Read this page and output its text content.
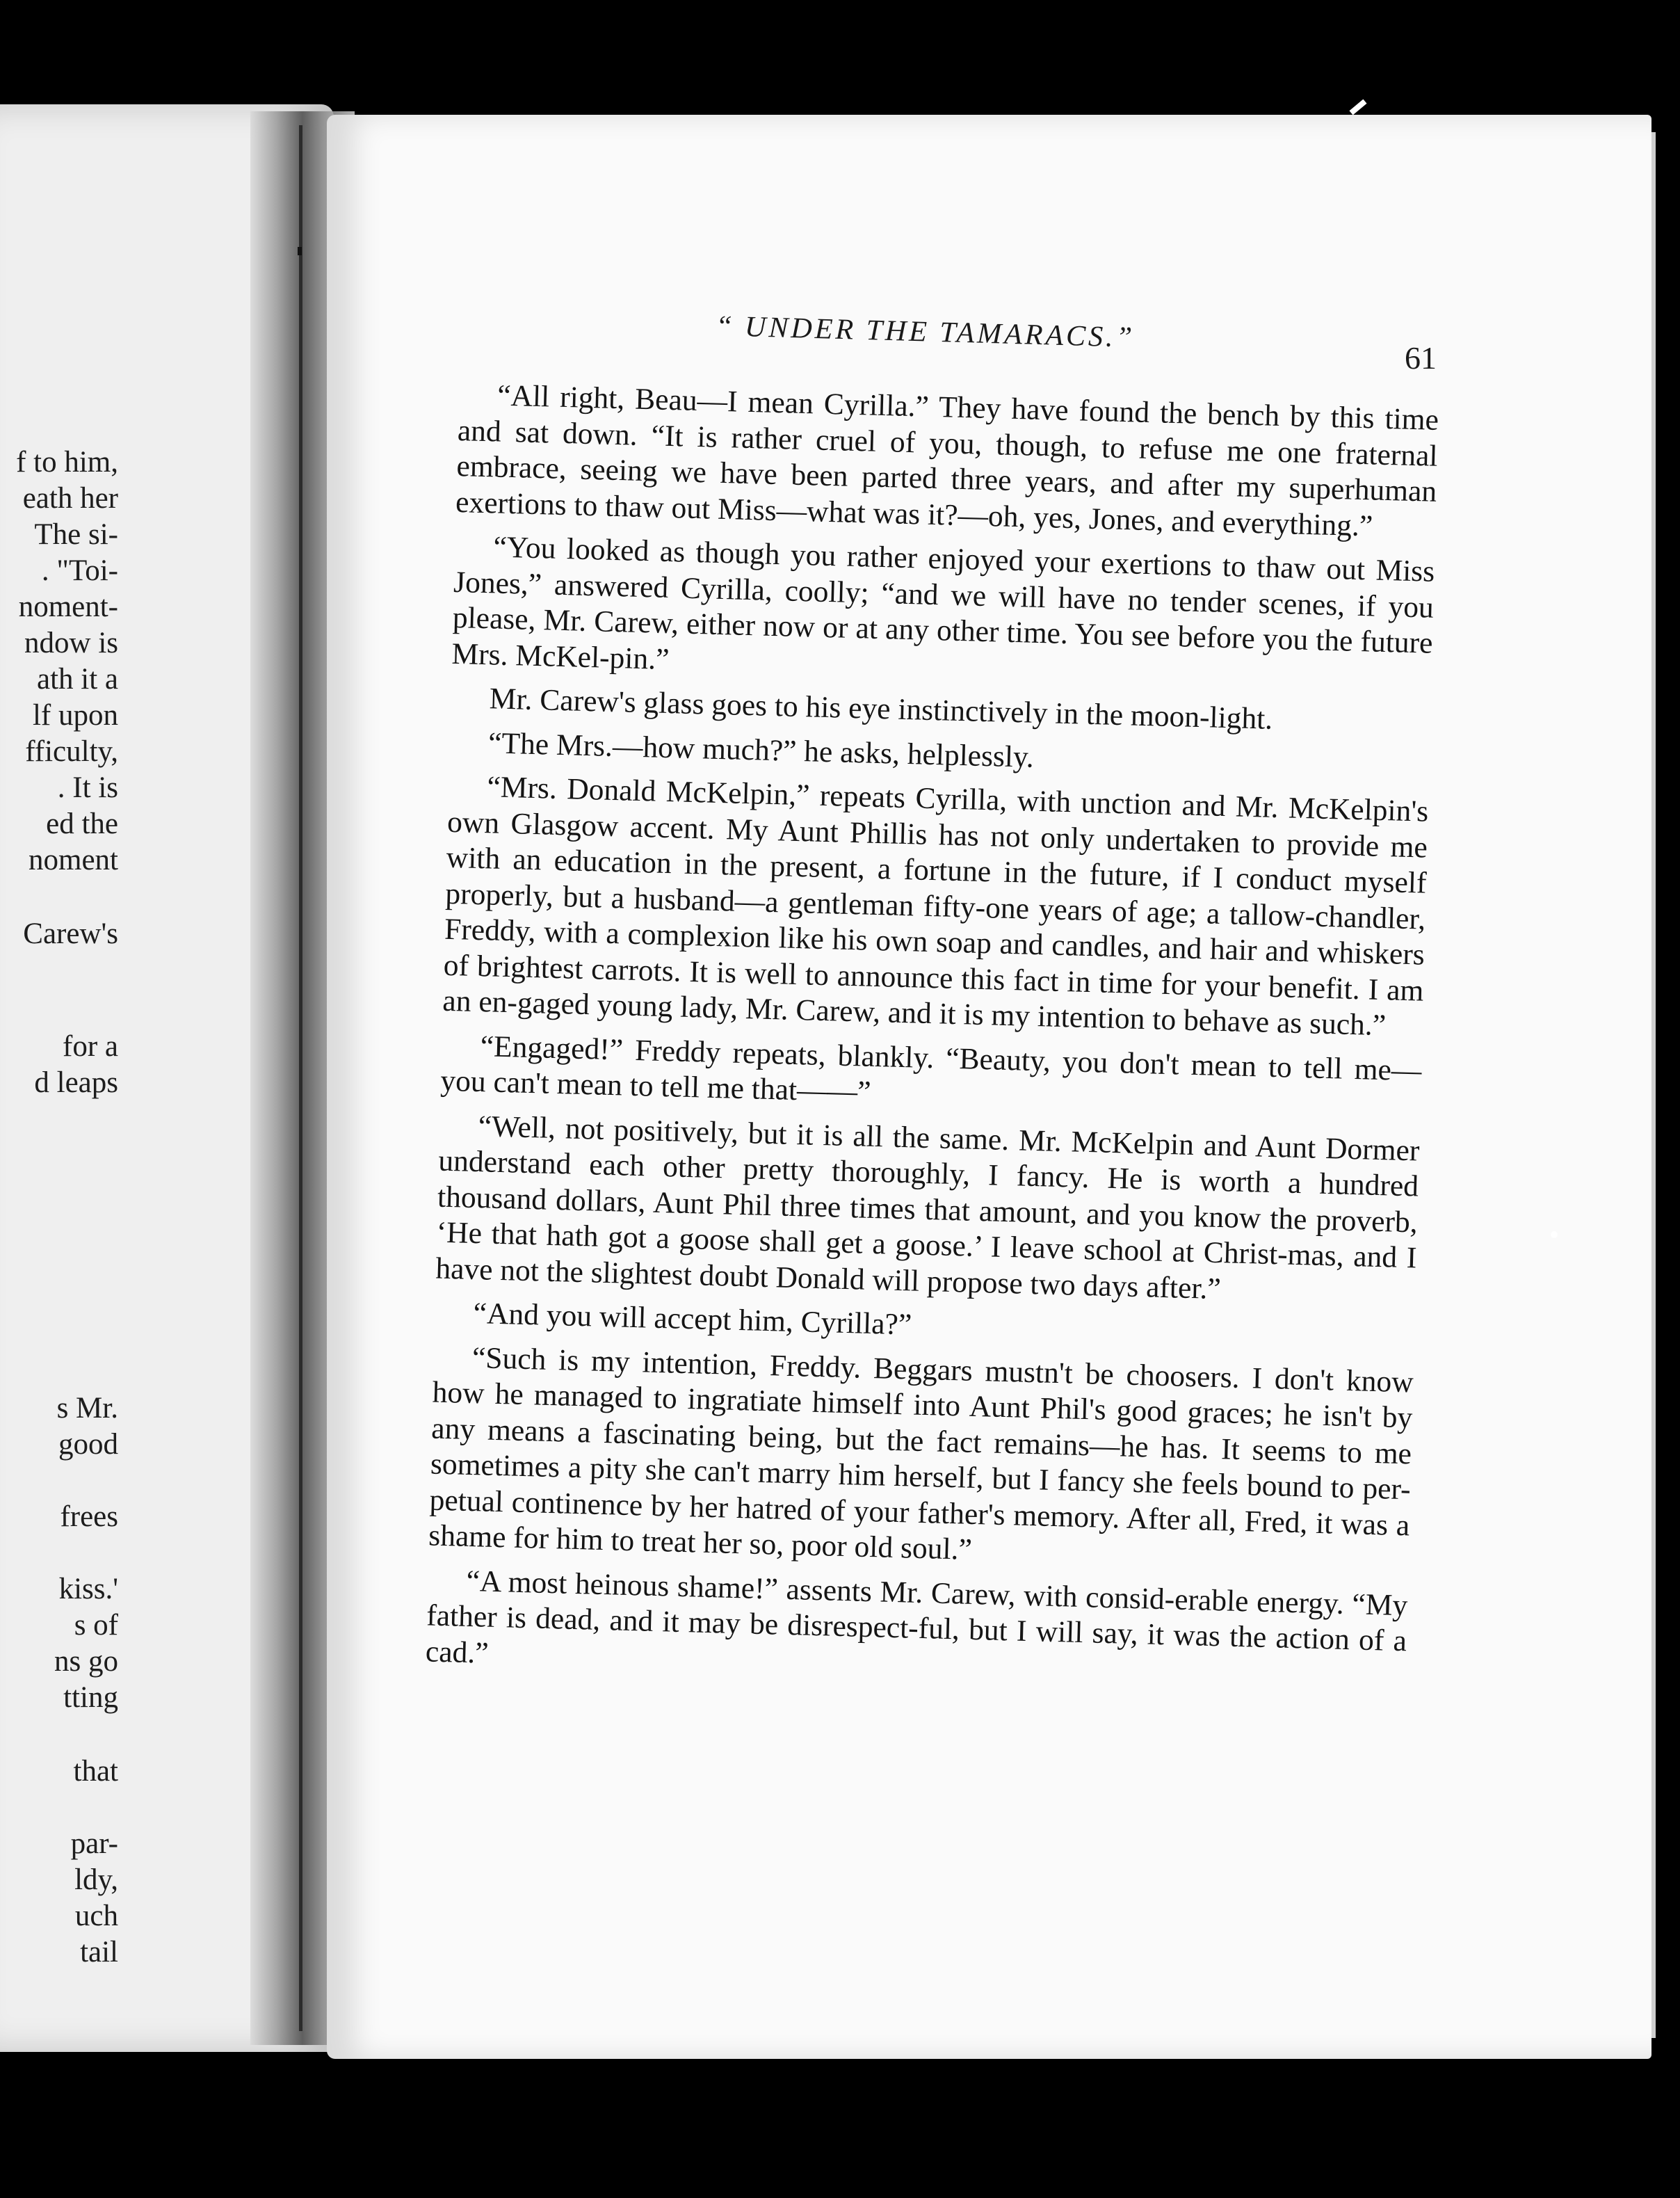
f to him,
eath her
The si-
. "Toi-
noment-
ndow is
ath it a
lf upon
fficulty,
. It is
ed the
noment
Carew's
for a
d leaps
s Mr.
good
frees
kiss.'
s of
ns go
tting
that
par-
ldy,
uch
tail
“ UNDER THE TAMARACS.”
61

“All right, Beau—I mean Cyrilla.” They have found the bench by this time and sat down. “It is rather cruel of you, though, to refuse me one fraternal embrace, seeing we have been parted three years, and after my superhuman exertions to thaw out Miss—what was it?—oh, yes, Jones, and everything.”

“You looked as though you rather enjoyed your exertions to thaw out Miss Jones,” answered Cyrilla, coolly; “and we will have no tender scenes, if you please, Mr. Carew, either now or at any other time. You see before you the future Mrs. McKel-pin.”

Mr. Carew's glass goes to his eye instinctively in the moon-light.

“The Mrs.—how much?” he asks, helplessly.

“Mrs. Donald McKelpin,” repeats Cyrilla, with unction and Mr. McKelpin's own Glasgow accent. My Aunt Phillis has not only undertaken to provide me with an education in the present, a fortune in the future, if I conduct myself properly, but a husband—a gentleman fifty-one years of age; a tallow-chandler, Freddy, with a complexion like his own soap and candles, and hair and whiskers of brightest carrots. It is well to announce this fact in time for your benefit. I am an en-gaged young lady, Mr. Carew, and it is my intention to behave as such.”

“Engaged!” Freddy repeats, blankly. “Beauty, you don't mean to tell me—you can't mean to tell me that——”

“Well, not positively, but it is all the same. Mr. McKelpin and Aunt Dormer understand each other pretty thoroughly, I fancy. He is worth a hundred thousand dollars, Aunt Phil three times that amount, and you know the proverb, ‘He that hath got a goose shall get a goose.’ I leave school at Christ-mas, and I have not the slightest doubt Donald will propose two days after.”

“And you will accept him, Cyrilla?”

“Such is my intention, Freddy. Beggars mustn't be choosers. I don't know how he managed to ingratiate himself into Aunt Phil's good graces; he isn't by any means a fascinating being, but the fact remains—he has. It seems to me sometimes a pity she can't marry him herself, but I fancy she feels bound to per-petual continence by her hatred of your father's memory. After all, Fred, it was a shame for him to treat her so, poor old soul.”

“A most heinous shame!” assents Mr. Carew, with consid-erable energy. “My father is dead, and it may be disrespect-ful, but I will say, it was the action of a cad.”
